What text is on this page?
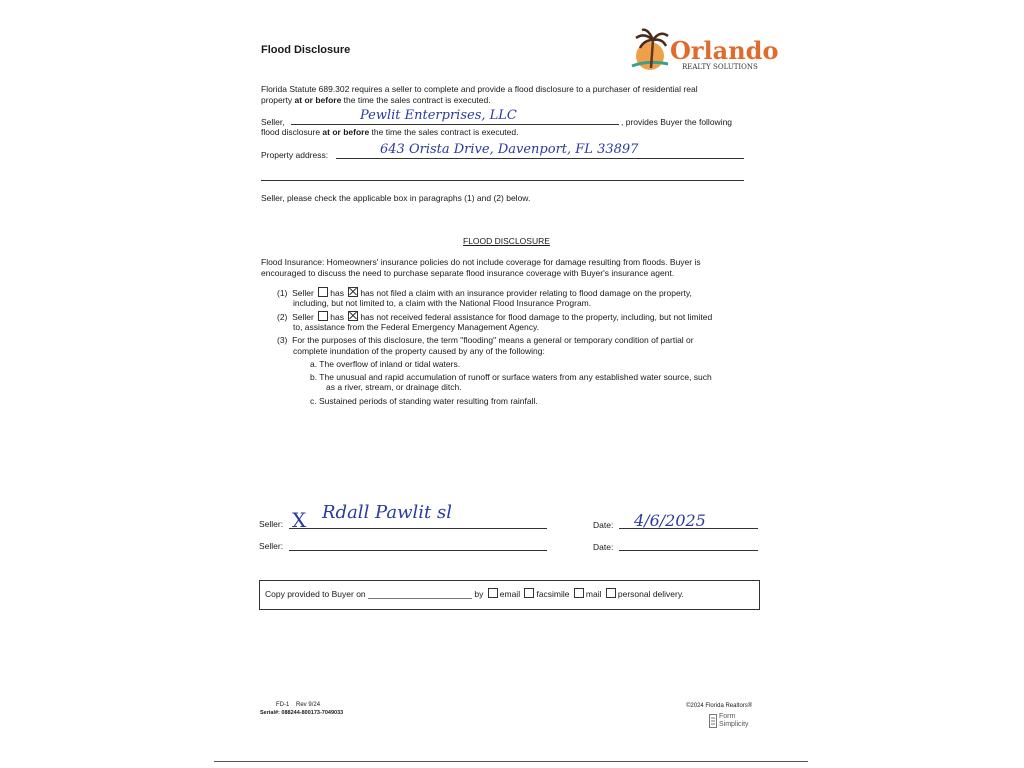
Flood Disclosure	Orlando
REALTY SOLUTIONS
Florida Statute 689.302 requires a seller to complete and provide a flood disclosure to a purchaser of residential real
property at or before the time the sales contract is executed.
Seller,	Pewlit Enterprises, LLC	, provides Buyer the following
flood disclosure at or before the time the sales contract is executed.
Property address:	643 Orista Drive, Davenport, FL 33897
Seller, please check the applicable box in paragraphs (1) and (2) below.
FLOOD DISCLOSURE
Flood Insurance: Homeowners' insurance policies do not include coverage for damage resulting from floods. Buyer is
encouraged to discuss the need to purchase separate flood insurance coverage with Buyer's insurance agent.
(1) Seller has has not filed a claim with an insurance provider relating to flood damage on the property,
including, but not limited to, a claim with the National Flood Insurance Program.
(2) Seller has has not received federal assistance for flood damage to the property, including, but not limited
to, assistance from the Federal Emergency Management Agency.
(3) For the purposes of this disclosure, the term "flooding" means a general or temporary condition of partial or
complete inundation of the property caused by any of the following:
a. The overflow of inland or tidal waters.
b. The unusual and rapid accumulation of runoff or surface waters from any established water source, such
as a river, stream, or drainage ditch.
c. Sustained periods of standing water resulting from rainfall.
Seller: X Rdall Pawlit sl
Date: 4/6/2025
Seller:	Date:
Copy provided to Buyer on	by email facsimile mail personal delivery.
FD-1 Rev 9/24
Serial#: 088244-800173-7049033
©2024 Florida Realtors®
Form
Simplicity
